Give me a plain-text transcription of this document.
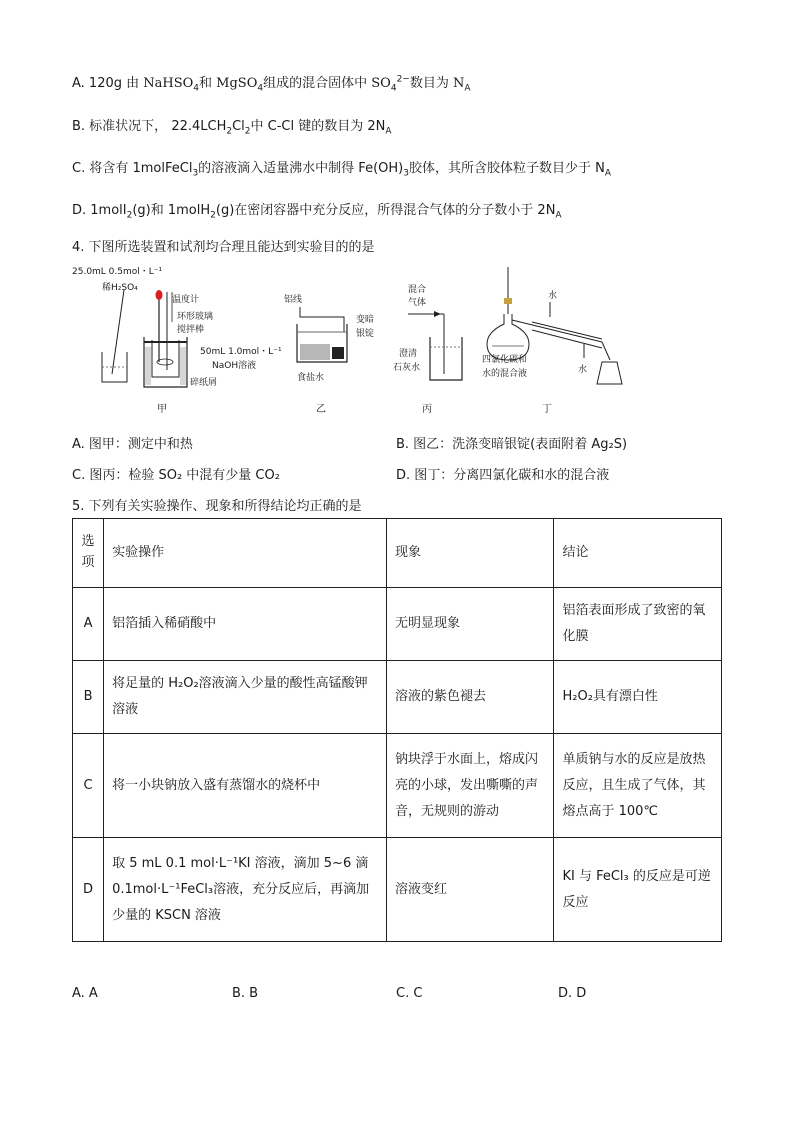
A. 120g 由 NaHSO$_4$和 MgSO$_4$组成的混合固体中 $SO_4^{2-}$数目为 $N_A$
B. 标准状况下， $22.4LCH_2Cl_2$中 C-Cl 键的数目为 $2N_A$
C. 将含有 1molFeCl$_3$的溶液滴入适量沸水中制得 $Fe(OH)_3$胶体，其所含胶体粒子数目少于 $N_A$
D. 1molI$_2$(g)和 1molH$_2$(g)在密闭容器中充分反应，所得混合气体的分子数小于 $2N_A$
4. 下图所选装置和试剂均合理且能达到实验目的的是
25.0mL 0.5mol・L⁻¹
稀H₂SO₄
温度计
环形玻璃
搅拌棒
50mL 1.0mol・L⁻¹
NaOH溶液
碎纸屑
甲
铝线
变暗
银锭
食盐水
乙
混合
气体
澄清
石灰水
丙
水
水
四氯化碳和
水的混合液
丁
A. 图甲：测定中和热	B. 图乙：洗涤变暗银锭(表面附着 Ag₂S)
C. 图丙：检验 SO₂ 中混有少量 CO₂	D. 图丁：分离四氯化碳和水的混合液
5. 下列有关实验操作、现象和所得结论均正确的是
选项	实验操作	现象	结论
A	铝箔插入稀硝酸中	无明显现象	铝箔表面形成了致密的氧化膜
B	将足量的 H₂O₂溶液滴入少量的酸性高锰酸钾溶液	溶液的紫色褪去	H₂O₂具有漂白性
C	将一小块钠放入盛有蒸馏水的烧杯中	钠块浮于水面上，熔成闪亮的小球，发出嘶嘶的声音，无规则的游动	单质钠与水的反应是放热反应，且生成了气体，其熔点高于 100℃
D	取 5 mL 0.1 mol·L⁻¹KI 溶液，滴加 5~6 滴 0.1mol·L⁻¹FeCl₃溶液，充分反应后，再滴加少量的 KSCN 溶液	溶液变红	KI 与 FeCl₃ 的反应是可逆反应
A. A	B. B	C. C	D. D
